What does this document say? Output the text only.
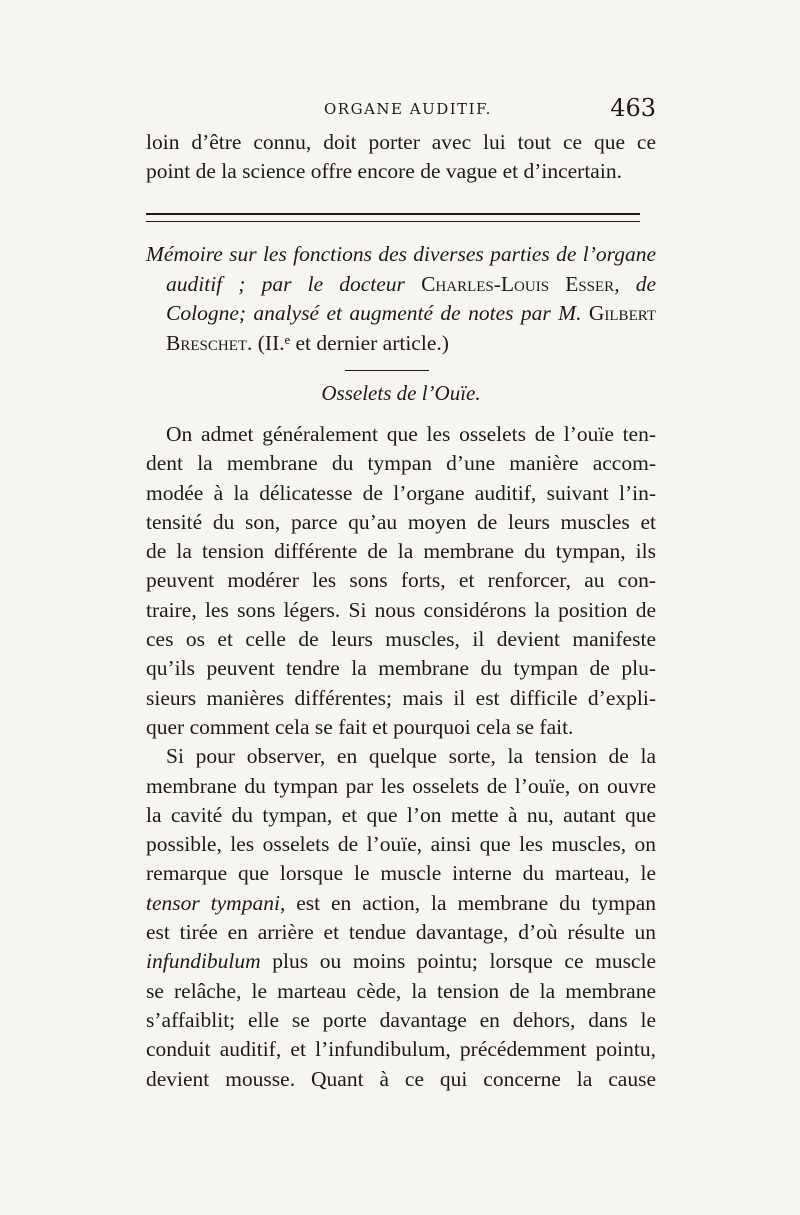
ORGANE AUDITIF.	463
loin d’être connu, doit porter avec lui tout ce que ce
point de la science offre encore de vague et d’incertain.
Mémoire sur les fonctions des diverses parties de l’organe
auditif ; par le docteur Charles-Louis Esser, de
Cologne; analysé et augmenté de notes par M. Gilbert
Breschet. (II.ᵉ et dernier article.)
Osselets de l’Ouïe.
On admet généralement que les osselets de l’ouïe ten-
dent la membrane du tympan d’une manière accom-
modée à la délicatesse de l’organe auditif, suivant l’in-
tensité du son, parce qu’au moyen de leurs muscles et
de la tension différente de la membrane du tympan, ils
peuvent modérer les sons forts, et renforcer, au con-
traire, les sons légers. Si nous considérons la position de
ces os et celle de leurs muscles, il devient manifeste
qu’ils peuvent tendre la membrane du tympan de plu-
sieurs manières différentes; mais il est difficile d’expli-
quer comment cela se fait et pourquoi cela se fait.
Si pour observer, en quelque sorte, la tension de la
membrane du tympan par les osselets de l’ouïe, on ouvre
la cavité du tympan, et que l’on mette à nu, autant que
possible, les osselets de l’ouïe, ainsi que les muscles, on
remarque que lorsque le muscle interne du marteau, le
tensor tympani, est en action, la membrane du tympan
est tirée en arrière et tendue davantage, d’où résulte un
infundibulum plus ou moins pointu; lorsque ce muscle
se relâche, le marteau cède, la tension de la membrane
s’affaiblit; elle se porte davantage en dehors, dans le
conduit auditif, et l’infundibulum, précédemment pointu,
devient mousse. Quant à ce qui concerne la cause
